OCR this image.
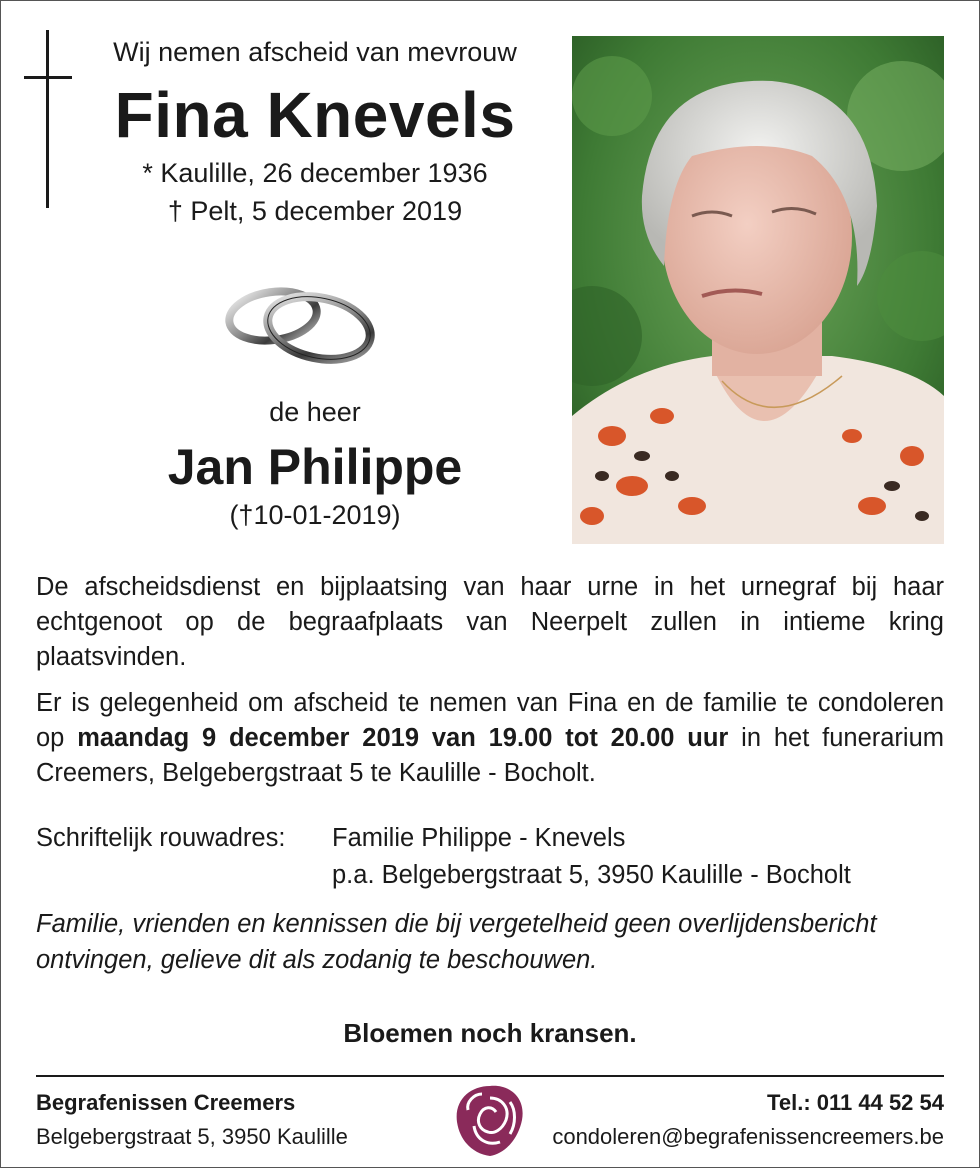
Wij nemen afscheid van mevrouw
Fina Knevels
* Kaulille, 26 december 1936
† Pelt, 5 december 2019
de heer
Jan Philippe
(†10-01-2019)

De afscheidsdienst en bijplaatsing van haar urne in het urnegraf bij haar echtgenoot op de begraafplaats van Neerpelt zullen in intieme kring plaatsvinden.

Er is gelegenheid om afscheid te nemen van Fina en de familie te condoleren op maandag 9 december 2019 van 19.00 tot 20.00 uur in het funerarium Creemers, Belgebergstraat 5 te Kaulille - Bocholt.

Schriftelijk rouwadres: Familie Philippe - Knevels
p.a. Belgebergstraat 5, 3950 Kaulille - Bocholt
Familie, vrienden en kennissen die bij vergetelheid geen overlijdensbericht ontvingen, gelieve dit als zodanig te beschouwen.
Bloemen noch kransen.
Begrafenissen Creemers
Belgebergstraat 5, 3950 Kaulille
Tel.: 011 44 52 54
condoleren@begrafenissencreemers.be
